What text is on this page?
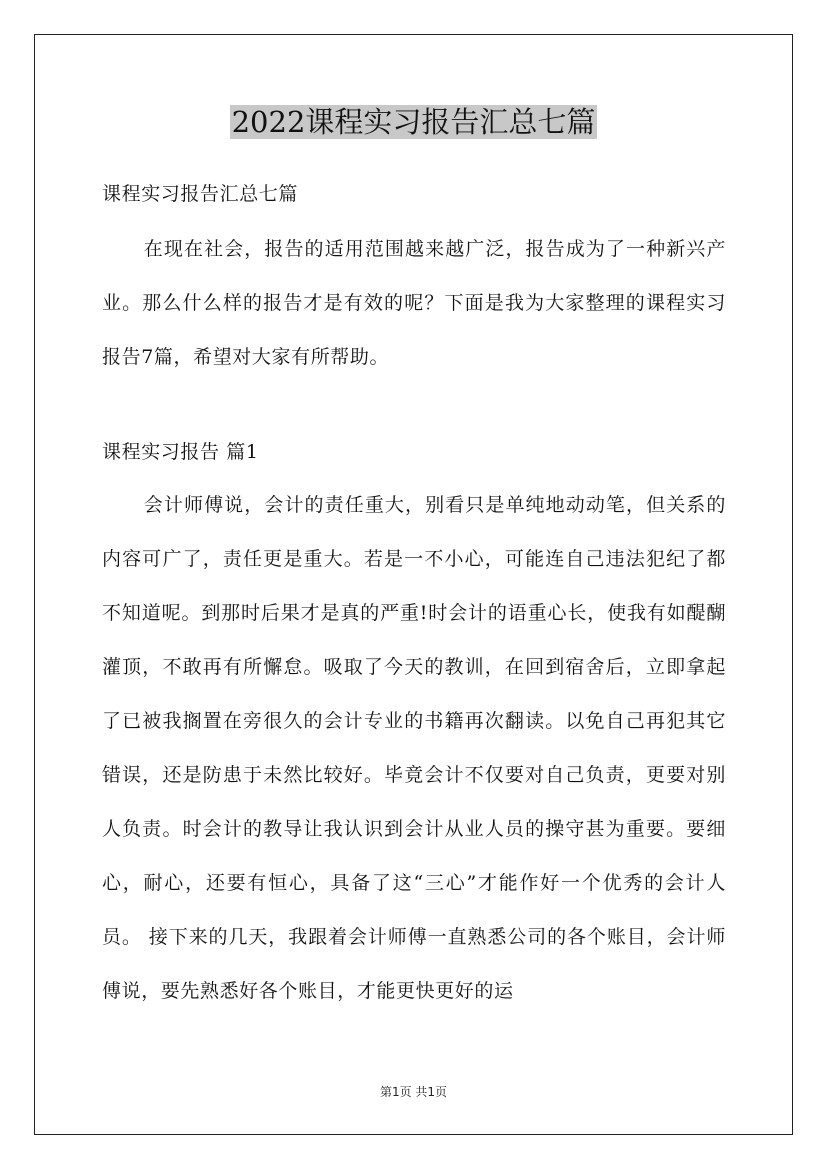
2022课程实习报告汇总七篇
课程实习报告汇总七篇

在现在社会，报告的适用范围越来越广泛，报告成为了一种新兴产业。那么什么样的报告才是有效的呢？下面是我为大家整理的课程实习报告7篇，希望对大家有所帮助。

课程实习报告 篇1

会计师傅说，会计的责任重大，别看只是单纯地动动笔，但关系的内容可广了，责任更是重大。若是一不小心，可能连自己违法犯纪了都不知道呢。到那时后果才是真的严重!时会计的语重心长，使我有如醍醐灌顶，不敢再有所懈怠。吸取了今天的教训，在回到宿舍后，立即拿起了已被我搁置在旁很久的会计专业的书籍再次翻读。以免自己再犯其它错误，还是防患于未然比较好。毕竟会计不仅要对自己负责，更要对别人负责。时会计的教导让我认识到会计从业人员的操守甚为重要。要细心，耐心，还要有恒心，具备了这“三心”才能作好一个优秀的会计人员。 接下来的几天，我跟着会计师傅一直熟悉公司的各个账目，会计师傅说，要先熟悉好各个账目，才能更快更好的运

第1页 共1页
